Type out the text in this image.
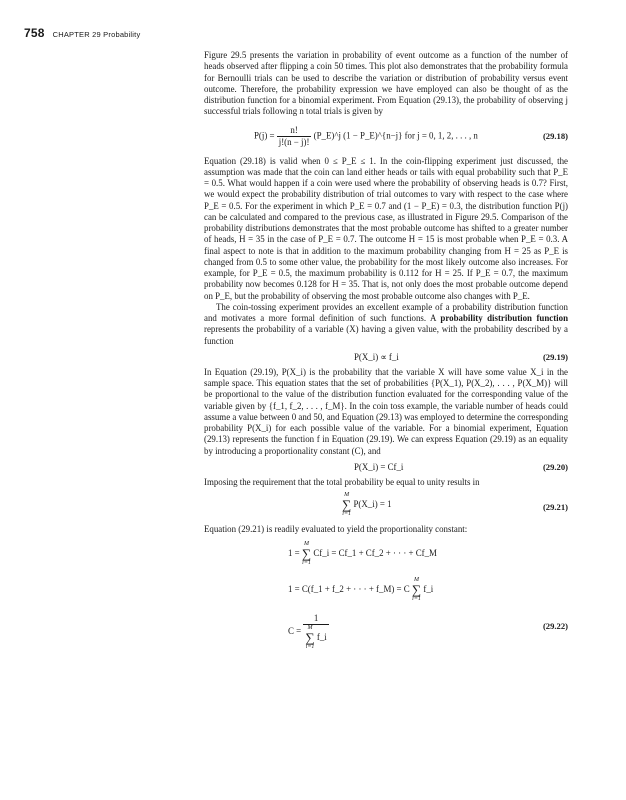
758 CHAPTER 29 Probability

Figure 29.5 presents the variation in probability of event outcome as a function of the number of heads observed after flipping a coin 50 times. This plot also demonstrates that the probability formula for Bernoulli trials can be used to describe the variation or distribution of probability versus event outcome. Therefore, the probability expression we have employed can also be thought of as the distribution function for a binomial experiment. From Equation (29.13), the probability of observing j successful trials following n total trials is given by

$P(j) = \frac{n!}{j!(n - j)!}$ (P_E)^j (1 − P_E)^{n−j} for j = 0, 1, 2, . . . , n	(29.18)

Equation (29.18) is valid when 0 ≤ P_E ≤ 1. In the coin-flipping experiment just discussed, the assumption was made that the coin can land either heads or tails with equal probability such that P_E = 0.5. What would happen if a coin were used where the probability of observing heads is 0.7? First, we would expect the probability distribution of trial outcomes to vary with respect to the case where P_E = 0.5. For the experiment in which P_E = 0.7 and (1 − P_E) = 0.3, the distribution function P(j) can be calculated and compared to the previous case, as illustrated in Figure 29.5. Comparison of the probability distributions demonstrates that the most probable outcome has shifted to a greater number of heads, H = 35 in the case of P_E = 0.7. The outcome H = 15 is most probable when P_E = 0.3. A final aspect to note is that in addition to the maximum probability changing from H = 25 as P_E is changed from 0.5 to some other value, the probability for the most likely outcome also increases. For example, for P_E = 0.5, the maximum probability is 0.112 for H = 25. If P_E = 0.7, the maximum probability now becomes 0.128 for H = 35. That is, not only does the most probable outcome depend on P_E, but the probability of observing the most probable outcome also changes with P_E.

The coin-tossing experiment provides an excellent example of a probability distribution function and motivates a more formal definition of such functions. A probability distribution function represents the probability of a variable (X) having a given value, with the probability described by a function

P(X_i) ∝ f_i	(29.19)

In Equation (29.19), P(X_i) is the probability that the variable X will have some value X_i in the sample space. This equation states that the set of probabilities {P(X_1), P(X_2), . . . , P(X_M)} will be proportional to the value of the distribution function evaluated for the corresponding value of the variable given by {f_1, f_2, . . . , f_M}. In the coin toss example, the variable number of heads could assume a value between 0 and 50, and Equation (29.13) was employed to determine the corresponding probability P(X_i) for each possible value of the variable. For a binomial experiment, Equation (29.13) represents the function f in Equation (29.19). We can express Equation (29.19) as an equality by introducing a proportionality constant (C), and

P(X_i) = Cf_i	(29.20)

Imposing the requirement that the total probability be equal to unity results in

M
∑
i=1
P(X_i) = 1	(29.21)

Equation (29.21) is readily evaluated to yield the proportionality constant:

1 =
M
∑
i=1
Cf_i = Cf_1 + Cf_2 + · · · + Cf_M
1 = C(f_1 + f_2 + · · · + f_M) = C
M
∑
i=1
f_i
C =
1
M
∑
i=1
f_i
(29.22)
